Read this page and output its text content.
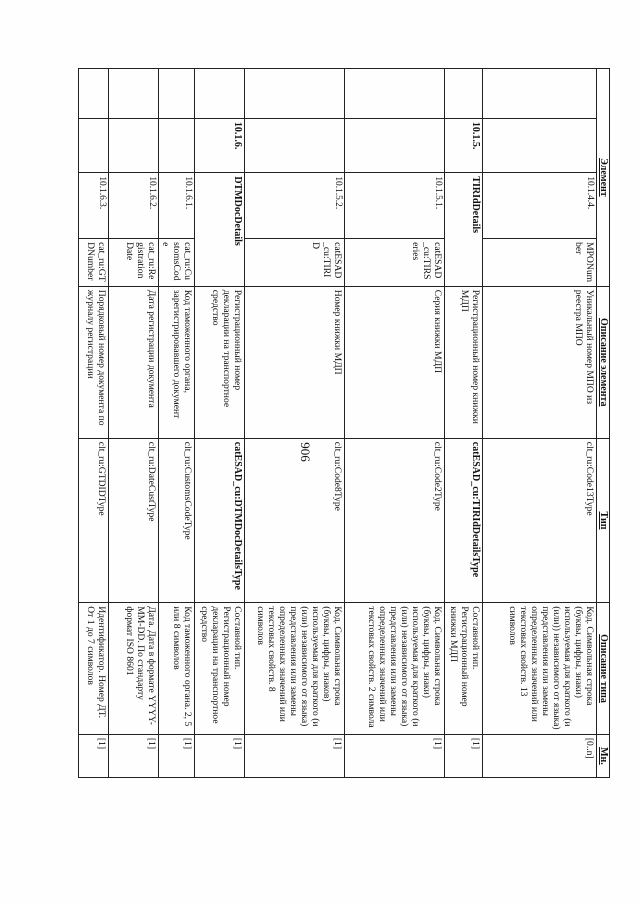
906
Элемент				Описание элемента	Тип	Описание типа	Мн.
		10.1.4.4.	MPONumber	Уникальный номер МПО из реестра МПО	clt_ru:Code13Type	Код. Символьная строка (буквы, цифры, знаки) используемая для краткого (и (или)) независимого от языка) представления или замены определенных значений или текстовых свойств. 13 символов	[0..n]
	10.1.5.	TIRIdDetails		Регистрационный номер книжки МДП	catESAD_cu:TIRIdDetailsType	Составной тип. Регистрационный номер книжки МДП	[1]
		10.1.5.1.	catESAD_cu:TIRSeries	Серия книжки МДП	clt_ru:Code2Type	Код. Символьная строка (буквы, цифры, знаки) используемая для краткого (и (или) независимого от языка) представления или замены определенных значений или текстовых свойств. 2 символа	[1]
		10.1.5.2.	catESAD_cu:TIRID	Номер книжки МДП	clt_ru:Code8Type	Код. Символьная строка (буквы, цифры, знаков) используемая для краткого (и (или) независимого от языка) представления или замены определенных значений или текстовых свойств. 8 символов	[1]
	10.1.6.	DTMDocDetails		Регистрационный номер декларации на транспортное средство	catESAD_cu:DTMDocDetailsType	Составной тип. Регистрационный номер декларации на транспортное средство	[1]
		10.1.6.1.	cat_ru:CustomsCode	Код таможенного органа, зарегистрировавшего документ	clt_ru:CustomsCodeType	Код таможенного органа. 2, 5 или 8 символов	[1]
		10.1.6.2.	cat_ru:RegistrationDate	Дата регистрации документа	clt_ru:DateCustType	Дата. Дата в формате YYYY-MM-DD. По стандарту формат ISO 8601	[1]
		10.1.6.3.	cat_ru:GTDNumber	Порядковый номер документа по журналу регистрации	clt_ru:GTDIDType	Идентификатор. Номер ДТ. От 1 до 7 символов	[1]
